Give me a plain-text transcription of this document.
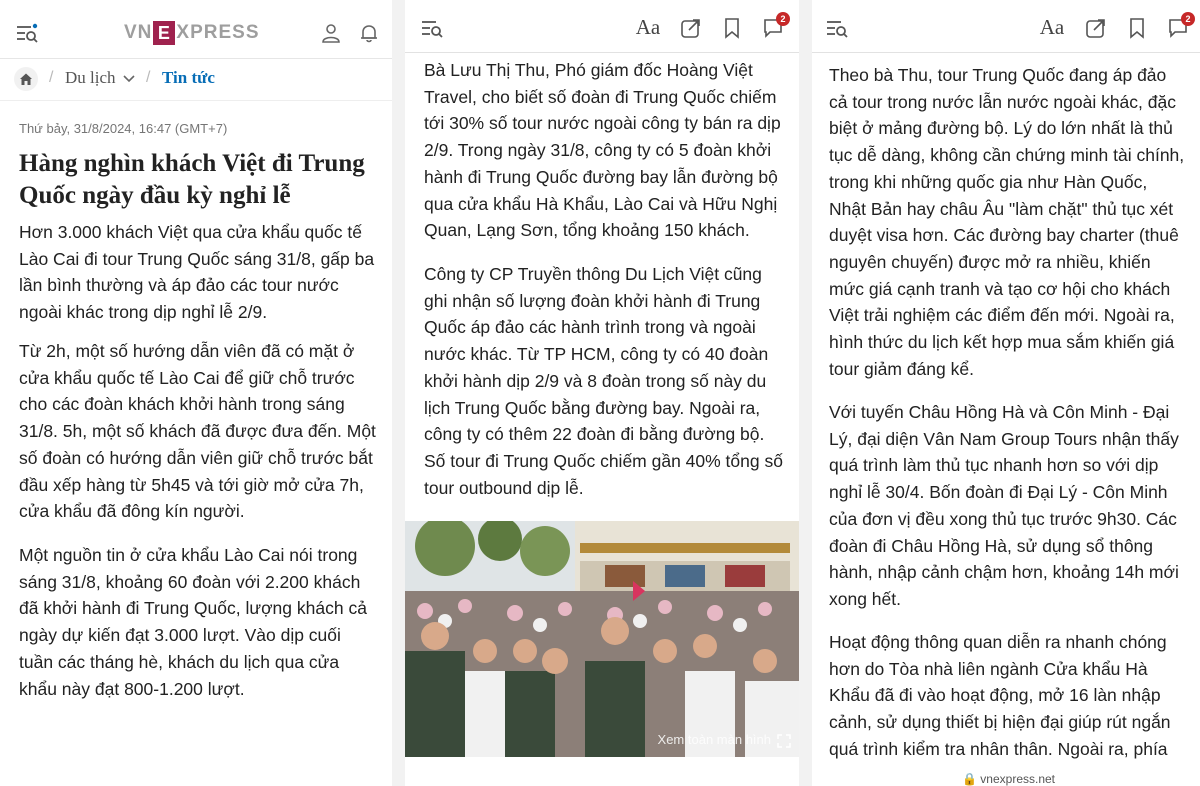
VN E XPRESS
/ Du lịch	/ Tin tức
Thứ bảy, 31/8/2024, 16:47 (GMT+7)
Hàng nghìn khách Việt đi Trung Quốc ngày đầu kỳ nghỉ lễ

Hơn 3.000 khách Việt qua cửa khẩu quốc tế Lào Cai đi tour Trung Quốc sáng 31/8, gấp ba lần bình thường và áp đảo các tour nước ngoài khác trong dịp nghỉ lễ 2/9.

Từ 2h, một số hướng dẫn viên đã có mặt ở cửa khẩu quốc tế Lào Cai để giữ chỗ trước cho các đoàn khách khởi hành trong sáng 31/8. 5h, một số khách đã được đưa đến. Một số đoàn có hướng dẫn viên giữ chỗ trước bắt đầu xếp hàng từ 5h45 và tới giờ mở cửa 7h, cửa khẩu đã đông kín người.

Một nguồn tin ở cửa khẩu Lào Cai nói trong sáng 31/8, khoảng 60 đoàn với 2.200 khách đã khởi hành đi Trung Quốc, lượng khách cả ngày dự kiến đạt 3.000 lượt. Vào dịp cuối tuần các tháng hè, khách du lịch qua cửa khẩu này đạt 800-1.200 lượt.

Aa	2

Bà Lưu Thị Thu, Phó giám đốc Hoàng Việt Travel, cho biết số đoàn đi Trung Quốc chiếm tới 30% số tour nước ngoài công ty bán ra dịp 2/9. Trong ngày 31/8, công ty có 5 đoàn khởi hành đi Trung Quốc đường bay lẫn đường bộ qua cửa khẩu Hà Khẩu, Lào Cai và Hữu Nghị Quan, Lạng Sơn, tổng khoảng 150 khách.

Công ty CP Truyền thông Du Lịch Việt cũng ghi nhận số lượng đoàn khởi hành đi Trung Quốc áp đảo các hành trình trong và ngoài nước khác. Từ TP HCM, công ty có 40 đoàn khởi hành dịp 2/9 và 8 đoàn trong số này du lịch Trung Quốc bằng đường bay. Ngoài ra, công ty có thêm 22 đoàn đi bằng đường bộ. Số tour đi Trung Quốc chiếm gần 40% tổng số tour outbound dịp lễ.

Xem toàn màn hình
Aa	2

Theo bà Thu, tour Trung Quốc đang áp đảo cả tour trong nước lẫn nước ngoài khác, đặc biệt ở mảng đường bộ. Lý do lớn nhất là thủ tục dễ dàng, không cần chứng minh tài chính, trong khi những quốc gia như Hàn Quốc, Nhật Bản hay châu Âu "làm chặt" thủ tục xét duyệt visa hơn. Các đường bay charter (thuê nguyên chuyến) được mở ra nhiều, khiến mức giá cạnh tranh và tạo cơ hội cho khách Việt trải nghiệm các điểm đến mới. Ngoài ra, hình thức du lịch kết hợp mua sắm khiến giá tour giảm đáng kể.

Với tuyến Châu Hồng Hà và Côn Minh - Đại Lý, đại diện Vân Nam Group Tours nhận thấy quá trình làm thủ tục nhanh hơn so với dịp nghỉ lễ 30/4. Bốn đoàn đi Đại Lý - Côn Minh của đơn vị đều xong thủ tục trước 9h30. Các đoàn đi Châu Hồng Hà, sử dụng sổ thông hành, nhập cảnh chậm hơn, khoảng 14h mới xong hết.

Hoạt động thông quan diễn ra nhanh chóng hơn do Tòa nhà liên ngành Cửa khẩu Hà Khẩu đã đi vào hoạt động, mở 16 làn nhập cảnh, sử dụng thiết bị hiện đại giúp rút ngắn quá trình kiểm tra nhân thân. Ngoài ra, phía

🔒 vnexpress.net
